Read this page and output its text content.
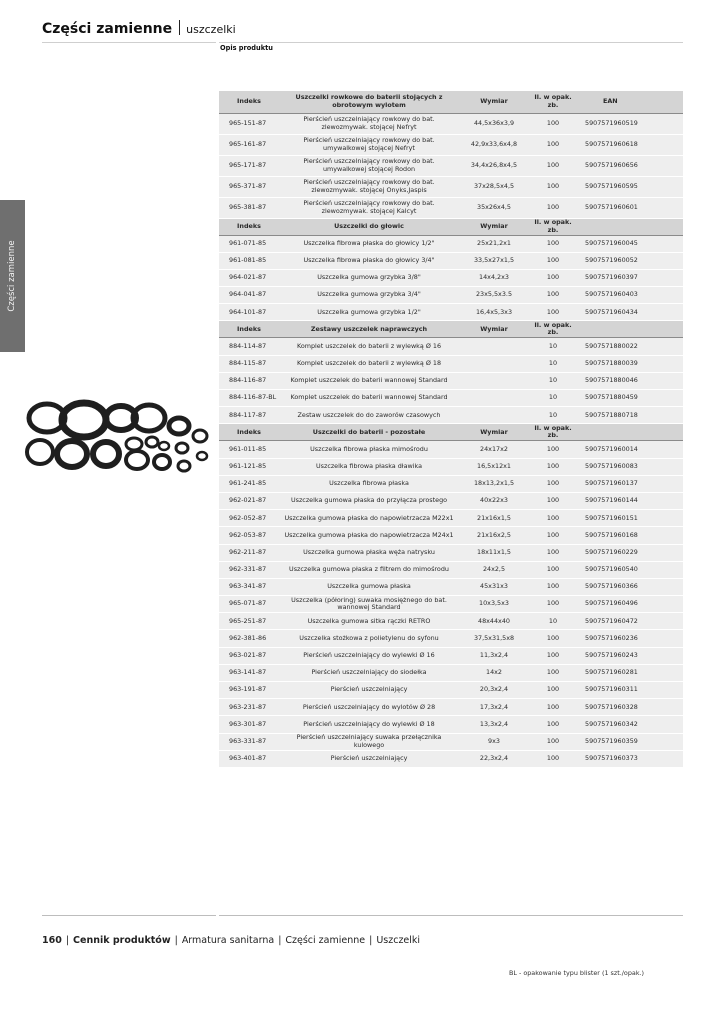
Części zamienne uszczelki
Opis produktu
Części zamienne
Indeks	Uszczelki rowkowe do baterii stojących z obrotowym wylotem	Wymiar	Il. w opak. zb.	EAN
965-151-87	Pierścień uszczelniający rowkowy do bat. zlewozmywak. stojącej Nefryt	44,5x36x3,9	100	5907571960519
965-161-87	Pierścień uszczelniający rowkowy do bat. umywalkowej stojącej Nefryt	42,9x33,6x4,8	100	5907571960618
965-171-87	Pierścień uszczelniający rowkowy do bat. umywalkowej stojącej Rodon	34,4x26,8x4,5	100	5907571960656
965-371-87	Pierścień uszczelniający rowkowy do bat. zlewozmywak. stojącej Onyks,Jaspis	37x28,5x4,5	100	5907571960595
965-381-87	Pierścień uszczelniający rowkowy do bat. zlewozmywak. stojącej Kalcyt	35x26x4,5	100	5907571960601
Indeks	Uszczelki do głowic	Wymiar	Il. w opak. zb.	
961-071-85	Uszczelka fibrowa płaska do głowicy 1/2"	25x21,2x1	100	5907571960045
961-081-85	Uszczelka fibrowa płaska do głowicy 3/4"	33,5x27x1,5	100	5907571960052
964-021-87	Uszczelka gumowa grzybka 3/8"	14x4,2x3	100	5907571960397
964-041-87	Uszczelka gumowa grzybka 3/4"	23x5,5x3.5	100	5907571960403
964-101-87	Uszczelka gumowa grzybka 1/2"	16,4x5,3x3	100	5907571960434
Indeks	Zestawy uszczelek naprawczych	Wymiar	Il. w opak. zb.	
884-114-87	Komplet uszczelek do baterii z wylewką Ø 16		10	5907571880022
884-115-87	Komplet uszczelek do baterii z wylewką Ø 18		10	5907571880039
884-116-87	Komplet uszczelek do baterii wannowej Standard		10	5907571880046
884-116-87-BL	Komplet uszczelek do baterii wannowej Standard		10	5907571880459
884-117-87	Zestaw uszczelek do do zaworów czasowych		10	5907571880718
Indeks	Uszczelki do baterii - pozostałe	Wymiar	Il. w opak. zb.	
961-011-85	Uszczelka fibrowa płaska mimośrodu	24x17x2	100	5907571960014
961-121-85	Uszczelka fibrowa płaska dławika	16,5x12x1	100	5907571960083
961-241-85	Uszczelka fibrowa płaska	18x13,2x1,5	100	5907571960137
962-021-87	Uszczelka gumowa płaska do przyłącza prostego	40x22x3	100	5907571960144
962-052-87	Uszczelka gumowa płaska do napowietrzacza M22x1	21x16x1,5	100	5907571960151
962-053-87	Uszczelka gumowa płaska do napowietrzacza M24x1	21x16x2,5	100	5907571960168
962-211-87	Uszczelka gumowa płaska węża natrysku	18x11x1,5	100	5907571960229
962-331-87	Uszczelka gumowa płaska z filtrem do mimośrodu	24x2,5	100	5907571960540
963-341-87	Uszczelka gumowa płaska	45x31x3	100	5907571960366
965-071-87	Uszczelka (półoring) suwaka mosiężnego do bat. wannowej Standard	10x3,5x3	100	5907571960496
965-251-87	Uszczelka gumowa sitka rączki RETRO	48x44x40	10	5907571960472
962-381-86	Uszczelka stożkowa z polietylenu do syfonu	37,5x31,5x8	100	5907571960236
963-021-87	Pierścień uszczelniający do wylewki Ø 16	11,3x2,4	100	5907571960243
963-141-87	Pierścień uszczelniający do siodełka	14x2	100	5907571960281
963-191-87	Pierścień uszczelniający	20,3x2,4	100	5907571960311
963-231-87	Pierścień uszczelniający do wylotów Ø 28	17,3x2,4	100	5907571960328
963-301-87	Pierścień uszczelniający do wylewki Ø 18	13,3x2,4	100	5907571960342
963-331-87	Pierścień uszczelniający suwaka przełącznika kulowego	9x3	100	5907571960359
963-401-87	Pierścień uszczelniający	22,3x2,4	100	5907571960373
160 | Cennik produktów | Armatura sanitarna | Części zamienne | Uszczelki
BL - opakowanie typu blister (1 szt./opak.)
